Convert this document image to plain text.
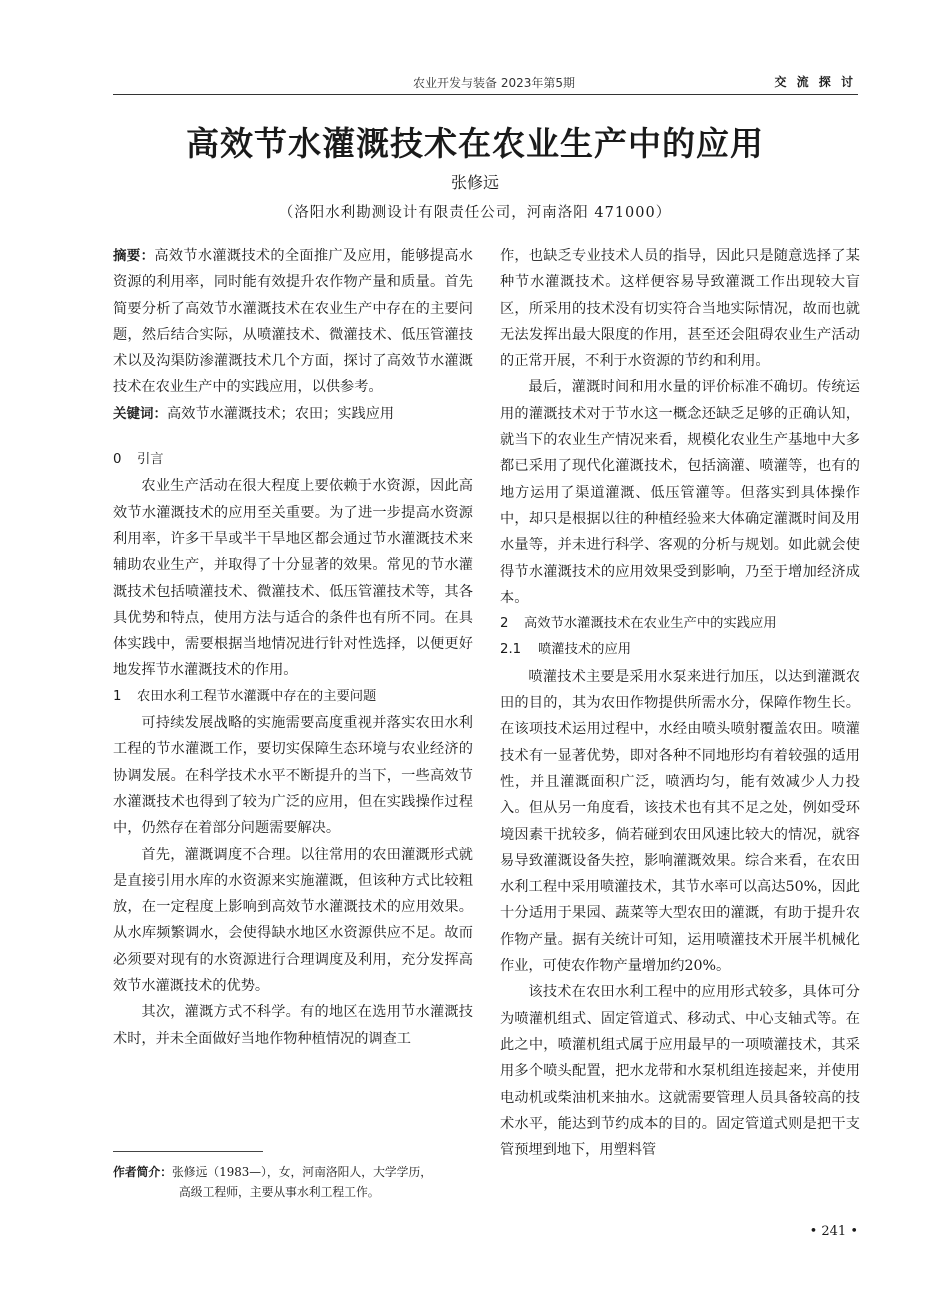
农业开发与装备 2023年第5期	交 流 探 讨
高效节水灌溉技术在农业生产中的应用
张修远
（洛阳水利勘测设计有限责任公司，河南洛阳 471000）

摘要：高效节水灌溉技术的全面推广及应用，能够提高水资源的利用率，同时能有效提升农作物产量和质量。首先简要分析了高效节水灌溉技术在农业生产中存在的主要问题，然后结合实际，从喷灌技术、微灌技术、低压管灌技术以及沟渠防渗灌溉技术几个方面，探讨了高效节水灌溉技术在农业生产中的实践应用，以供参考。

关键词：高效节水灌溉技术；农田；实践应用

0 引言

农业生产活动在很大程度上要依赖于水资源，因此高效节水灌溉技术的应用至关重要。为了进一步提高水资源利用率，许多干旱或半干旱地区都会通过节水灌溉技术来辅助农业生产，并取得了十分显著的效果。常见的节水灌溉技术包括喷灌技术、微灌技术、低压管灌技术等，其各具优势和特点，使用方法与适合的条件也有所不同。在具体实践中，需要根据当地情况进行针对性选择，以便更好地发挥节水灌溉技术的作用。

1 农田水利工程节水灌溉中存在的主要问题

可持续发展战略的实施需要高度重视并落实农田水利工程的节水灌溉工作，要切实保障生态环境与农业经济的协调发展。在科学技术水平不断提升的当下，一些高效节水灌溉技术也得到了较为广泛的应用，但在实践操作过程中，仍然存在着部分问题需要解决。

首先，灌溉调度不合理。以往常用的农田灌溉形式就是直接引用水库的水资源来实施灌溉，但该种方式比较粗放，在一定程度上影响到高效节水灌溉技术的应用效果。从水库频繁调水，会使得缺水地区水资源供应不足。故而必须要对现有的水资源进行合理调度及利用，充分发挥高效节水灌溉技术的优势。

其次，灌溉方式不科学。有的地区在选用节水灌溉技术时，并未全面做好当地作物种植情况的调查工

作，也缺乏专业技术人员的指导，因此只是随意选择了某种节水灌溉技术。这样便容易导致灌溉工作出现较大盲区，所采用的技术没有切实符合当地实际情况，故而也就无法发挥出最大限度的作用，甚至还会阻碍农业生产活动的正常开展，不利于水资源的节约和利用。

最后，灌溉时间和用水量的评价标准不确切。传统运用的灌溉技术对于节水这一概念还缺乏足够的正确认知，就当下的农业生产情况来看，规模化农业生产基地中大多都已采用了现代化灌溉技术，包括滴灌、喷灌等，也有的地方运用了渠道灌溉、低压管灌等。但落实到具体操作中，却只是根据以往的种植经验来大体确定灌溉时间及用水量等，并未进行科学、客观的分析与规划。如此就会使得节水灌溉技术的应用效果受到影响，乃至于增加经济成本。

2 高效节水灌溉技术在农业生产中的实践应用

2.1 喷灌技术的应用

喷灌技术主要是采用水泵来进行加压，以达到灌溉农田的目的，其为农田作物提供所需水分，保障作物生长。在该项技术运用过程中，水经由喷头喷射覆盖农田。喷灌技术有一显著优势，即对各种不同地形均有着较强的适用性，并且灌溉面积广泛，喷洒均匀，能有效减少人力投入。但从另一角度看，该技术也有其不足之处，例如受环境因素干扰较多，倘若碰到农田风速比较大的情况，就容易导致灌溉设备失控，影响灌溉效果。综合来看，在农田水利工程中采用喷灌技术，其节水率可以高达50%，因此十分适用于果园、蔬菜等大型农田的灌溉，有助于提升农作物产量。据有关统计可知，运用喷灌技术开展半机械化作业，可使农作物产量增加约20%。

该技术在农田水利工程中的应用形式较多，具体可分为喷灌机组式、固定管道式、移动式、中心支轴式等。在此之中，喷灌机组式属于应用最早的一项喷灌技术，其采用多个喷头配置，把水龙带和水泵机组连接起来，并使用电动机或柴油机来抽水。这就需要管理人员具备较高的技术水平，能达到节约成本的目的。固定管道式则是把干支管预埋到地下，用塑料管

作者简介：张修远（1983—），女，河南洛阳人，大学学历，
高级工程师，主要从事水利工程工作。
• 241 •
